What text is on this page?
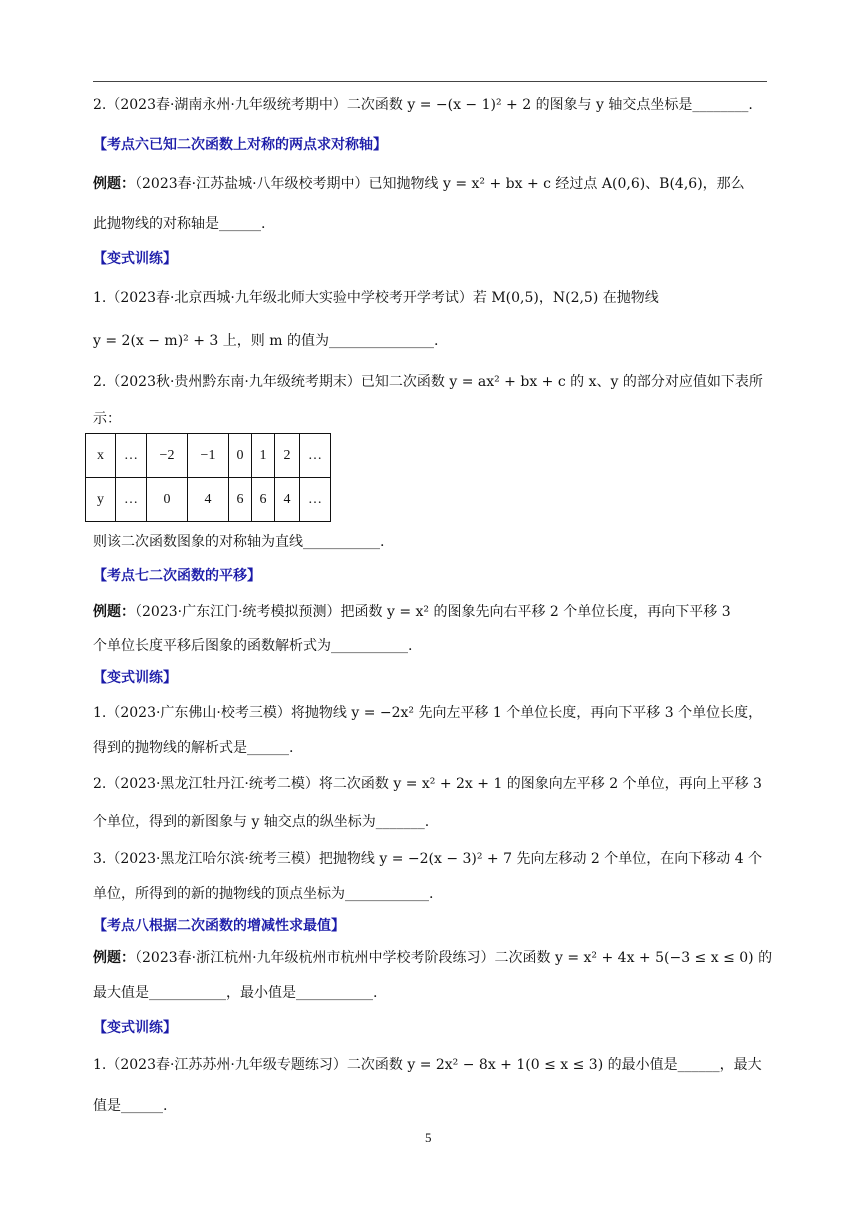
2.（2023春·湖南永州·九年级统考期中）二次函数 y = −(x − 1)² + 2 的图象与 y 轴交点坐标是________.
【考点六已知二次函数上对称的两点求对称轴】
例题：（2023春·江苏盐城·八年级校考期中）已知抛物线 y = x² + bx + c 经过点 A(0,6)、B(4,6)，那么
此抛物线的对称轴是______.
【变式训练】
1.（2023春·北京西城·九年级北师大实验中学校考开学考试）若 M(0,5)，N(2,5) 在抛物线
y = 2(x − m)² + 3 上，则 m 的值为_______________.
2.（2023秋·贵州黔东南·九年级统考期末）已知二次函数 y = ax² + bx + c 的 x、y 的部分对应值如下表所
示：
x	…	−2	−1	0	1	2	…
y	…	0	4	6	6	4	…
则该二次函数图象的对称轴为直线___________.
【考点七二次函数的平移】
例题：（2023·广东江门·统考模拟预测）把函数 y = x² 的图象先向右平移 2 个单位长度，再向下平移 3
个单位长度平移后图象的函数解析式为___________.
【变式训练】
1.（2023·广东佛山·校考三模）将抛物线 y = −2x² 先向左平移 1 个单位长度，再向下平移 3 个单位长度，
得到的抛物线的解析式是______.
2.（2023·黑龙江牡丹江·统考二模）将二次函数 y = x² + 2x + 1 的图象向左平移 2 个单位，再向上平移 3
个单位，得到的新图象与 y 轴交点的纵坐标为_______.
3.（2023·黑龙江哈尔滨·统考三模）把抛物线 y = −2(x − 3)² + 7 先向左移动 2 个单位，在向下移动 4 个
单位，所得到的新的抛物线的顶点坐标为____________.
【考点八根据二次函数的增减性求最值】
例题：（2023春·浙江杭州·九年级杭州市杭州中学校考阶段练习）二次函数 y = x² + 4x + 5(−3 ≤ x ≤ 0) 的
最大值是___________，最小值是___________.
【变式训练】
1.（2023春·江苏苏州·九年级专题练习）二次函数 y = 2x² − 8x + 1(0 ≤ x ≤ 3) 的最小值是______，最大
值是______.
5
